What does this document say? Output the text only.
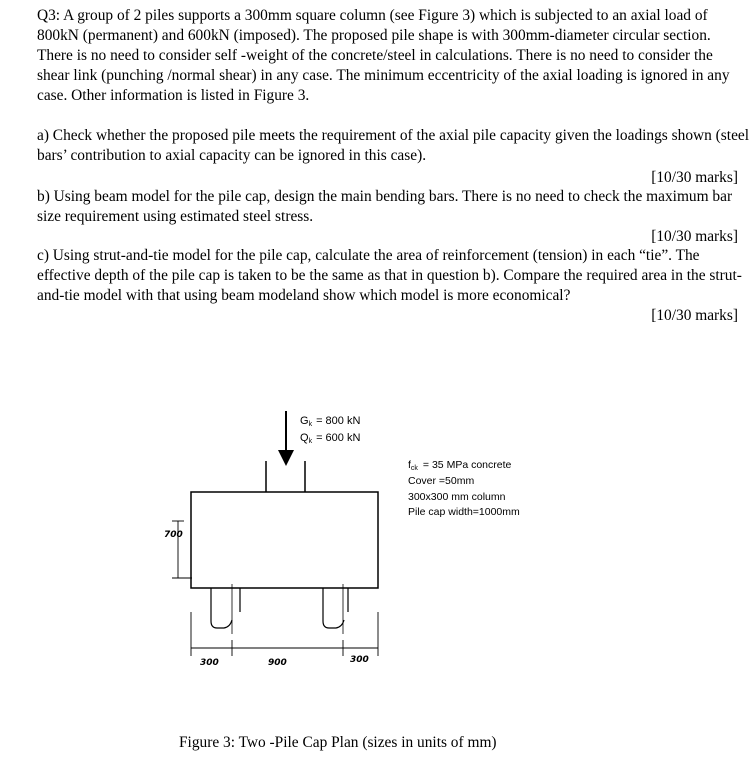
Q3: A group of 2 piles supports a 300mm square column (see Figure 3) which is subjected to an axial load of 800kN (permanent) and 600kN (imposed). The proposed pile shape is with 300mm-diameter circular section. There is no need to consider self -weight of the concrete/steel in calculations. There is no need to consider the shear link (punching /normal shear) in any case. The minimum eccentricity of the axial loading is ignored in any case. Other information is listed in Figure 3.
a) Check whether the proposed pile meets the requirement of the axial pile capacity given the loadings shown (steel bars’ contribution to axial capacity can be ignored in this case).
[10/30 marks]
b) Using beam model for the pile cap, design the main bending bars. There is no need to check the maximum bar size requirement using estimated steel stress.
[10/30 marks]
c) Using strut-and-tie model for the pile cap, calculate the area of reinforcement (tension) in each “tie”. The effective depth of the pile cap is taken to be the same as that in question b). Compare the required area in the strut-and-tie model with that using beam modeland show which model is more economical?
[10/30 marks]
Gk = 800 kN
Qk = 600 kN
700
300	900	300
fck = 35 MPa concrete
Cover =50mm
300x300 mm column
Pile cap width=1000mm
Figure 3: Two -Pile Cap Plan (sizes in units of mm)
